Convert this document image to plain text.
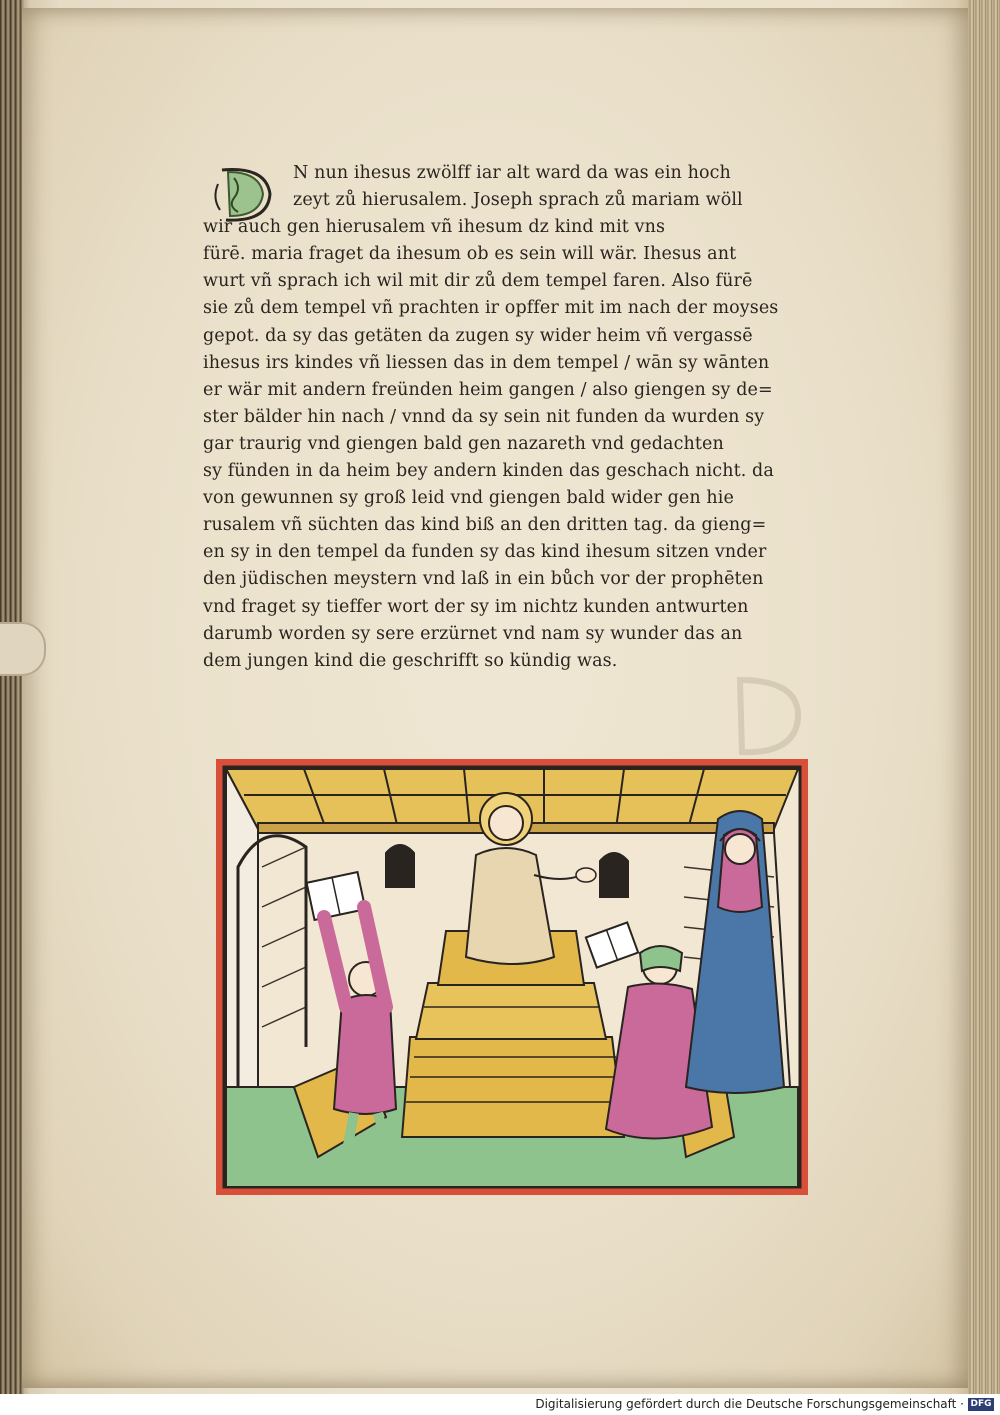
N nun ihesus zwölff iar alt ward da was ein hoch
zeyt zů hierusalem. Joseph sprach zů mariam wöll
wir auch gen hierusalem vñ ihesum dz kind mit vns
fürē. maria fraget da ihesum ob es sein will wär. Ihesus ant
wurt vñ sprach ich wil mit dir zů dem tempel faren. Also fürē
sie zů dem tempel vñ prachten ir opffer mit im nach der moyses
gepot. da sy das getäten da zugen sy wider heim vñ vergassē
ihesus irs kindes vñ liessen das in dem tempel / wān sy wānten
er wär mit andern freünden heim gangen / also giengen sy de=
ster bälder hin nach / vnnd da sy sein nit funden da wurden sy
gar traurig vnd giengen bald gen nazareth vnd gedachten
sy fünden in da heim bey andern kinden das geschach nicht. da
von gewunnen sy groß leid vnd giengen bald wider gen hie
rusalem vñ süchten das kind biß an den dritten tag. da gieng=
en sy in den tempel da funden sy das kind ihesum sitzen vnder
den jüdischen meystern vnd laß in ein bůch vor der prophēten
vnd fraget sy tieffer wort der sy im nichtz kunden antwurten
darumb worden sy sere erzürnet vnd nam sy wunder das an
dem jungen kind die geschrifft so kündig was.
Digitalisierung gefördert durch die Deutsche Forschungsgemeinschaft · DFG
